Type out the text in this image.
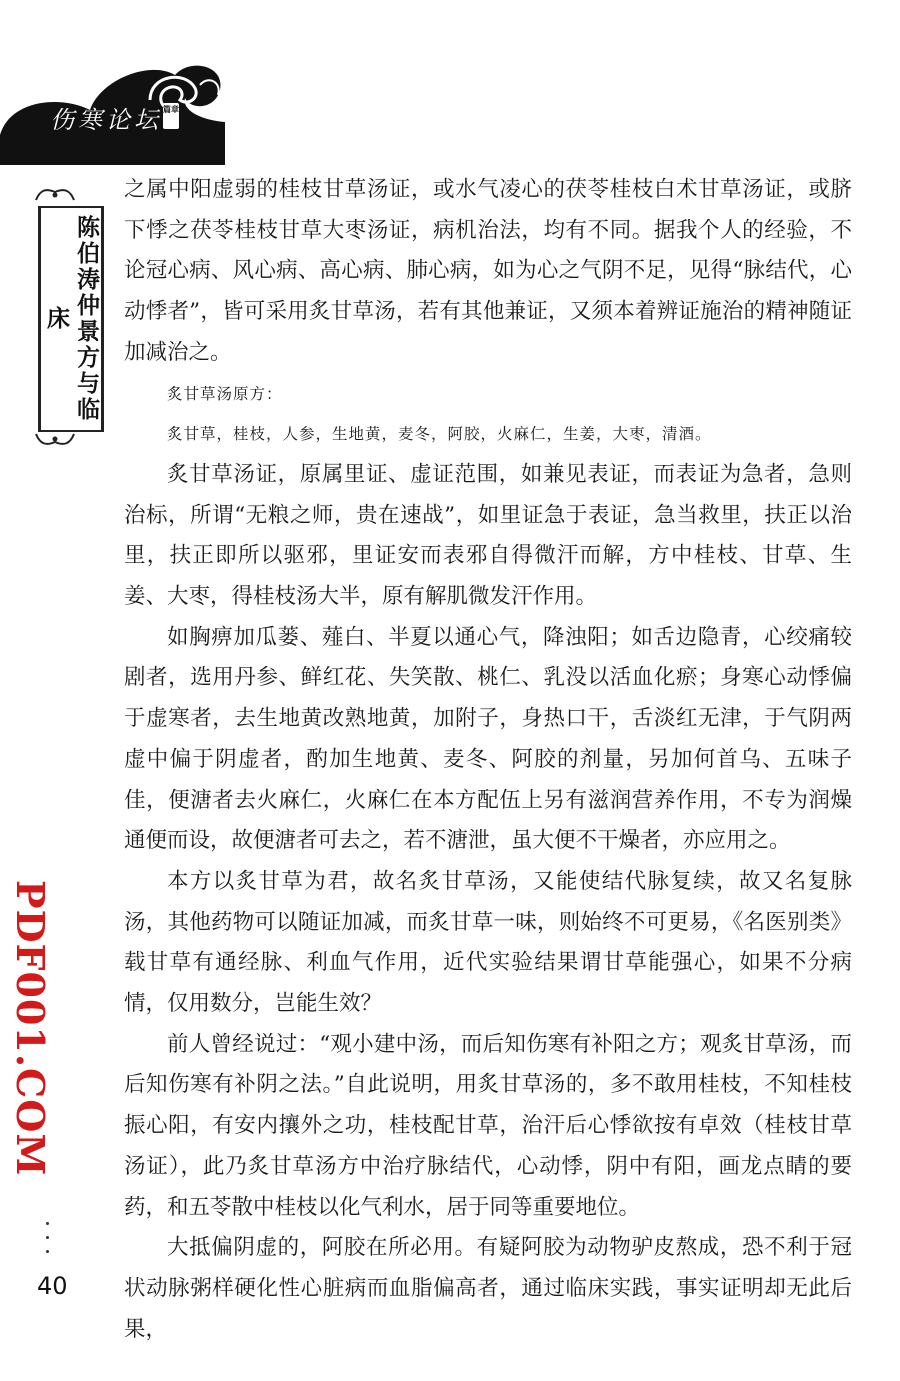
伤寒论坛 篇章
陈伯涛仲景方与临床
PDF001.COM
40

之属中阳虚弱的桂枝甘草汤证，或水气凌心的茯苓桂枝白术甘草汤证，或脐下悸之茯苓桂枝甘草大枣汤证，病机治法，均有不同。据我个人的经验，不论冠心病、风心病、高心病、肺心病，如为心之气阴不足，见得“脉结代，心动悸者”，皆可采用炙甘草汤，若有其他兼证，又须本着辨证施治的精神随证加减治之。

炙甘草汤原方：

炙甘草，桂枝，人参，生地黄，麦冬，阿胶，火麻仁，生姜，大枣，清酒。

炙甘草汤证，原属里证、虚证范围，如兼见表证，而表证为急者，急则治标，所谓“无粮之师，贵在速战”，如里证急于表证，急当救里，扶正以治里，扶正即所以驱邪，里证安而表邪自得微汗而解，方中桂枝、甘草、生姜、大枣，得桂枝汤大半，原有解肌微发汗作用。

如胸痹加瓜蒌、薤白、半夏以通心气，降浊阳；如舌边隐青，心绞痛较剧者，选用丹参、鲜红花、失笑散、桃仁、乳没以活血化瘀；身寒心动悸偏于虚寒者，去生地黄改熟地黄，加附子，身热口干，舌淡红无津，于气阴两虚中偏于阴虚者，酌加生地黄、麦冬、阿胶的剂量，另加何首乌、五味子佳，便溏者去火麻仁，火麻仁在本方配伍上另有滋润营养作用，不专为润燥通便而设，故便溏者可去之，若不溏泄，虽大便不干燥者，亦应用之。

本方以炙甘草为君，故名炙甘草汤，又能使结代脉复续，故又名复脉汤，其他药物可以随证加减，而炙甘草一味，则始终不可更易，《名医别类》载甘草有通经脉、利血气作用，近代实验结果谓甘草能强心，如果不分病情，仅用数分，岂能生效？

前人曾经说过：“观小建中汤，而后知伤寒有补阳之方；观炙甘草汤，而后知伤寒有补阴之法。”自此说明，用炙甘草汤的，多不敢用桂枝，不知桂枝振心阳，有安内攘外之功，桂枝配甘草，治汗后心悸欲按有卓效（桂枝甘草汤证），此乃炙甘草汤方中治疗脉结代，心动悸，阴中有阳，画龙点睛的要药，和五苓散中桂枝以化气利水，居于同等重要地位。

大抵偏阴虚的，阿胶在所必用。有疑阿胶为动物驴皮熬成，恐不利于冠状动脉粥样硬化性心脏病而血脂偏高者，通过临床实践，事实证明却无此后果，
